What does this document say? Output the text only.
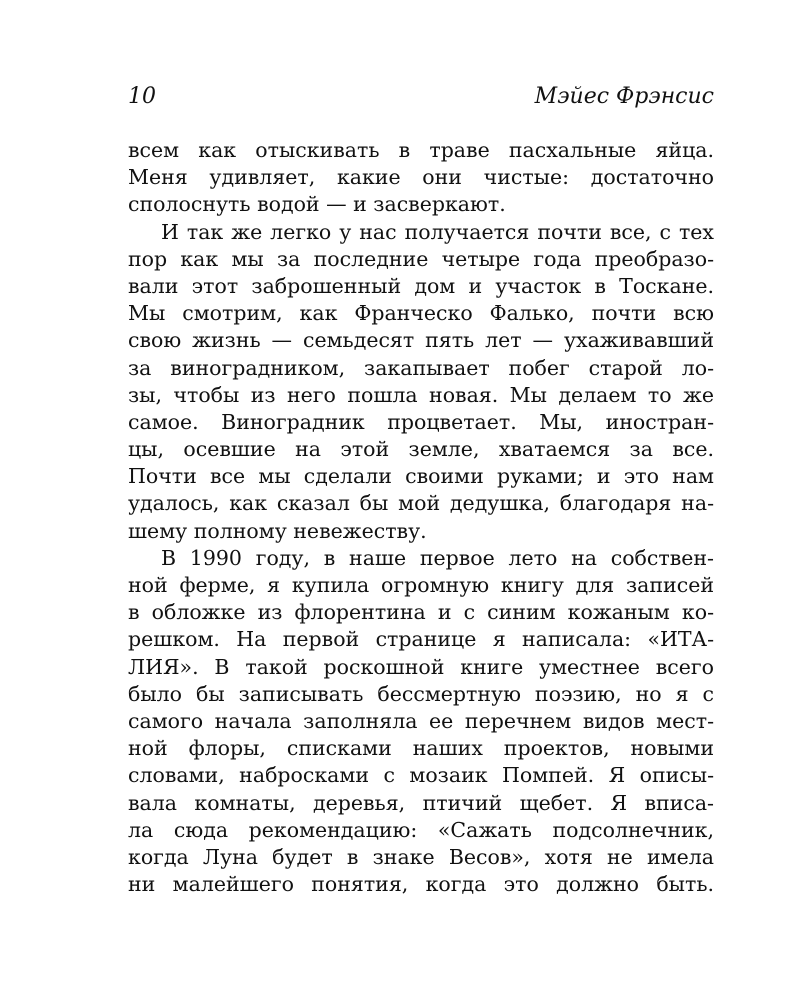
10	Мэйес Фрэнсис
всем как отыскивать в траве пасхальные яйца.
Меня удивляет, какие они чистые: достаточно
сполоснуть водой — и засверкают.
И так же легко у нас получается почти все, с тех
пор как мы за последние четыре года преобразо-
вали этот заброшенный дом и участок в Тоскане.
Мы смотрим, как Франческо Фалько, почти всю
свою жизнь — семьдесят пять лет — ухаживавший
за виноградником, закапывает побег старой ло-
зы, чтобы из него пошла новая. Мы делаем то же
самое. Виноградник процветает. Мы, иностран-
цы, осевшие на этой земле, хватаемся за все.
Почти все мы сделали своими руками; и это нам
удалось, как сказал бы мой дедушка, благодаря на-
шему полному невежеству.
В 1990 году, в наше первое лето на собствен-
ной ферме, я купила огромную книгу для записей
в обложке из флорентина и с синим кожаным ко-
решком. На первой странице я написала: «ИТА-
ЛИЯ». В такой роскошной книге уместнее всего
было бы записывать бессмертную поэзию, но я с
самого начала заполняла ее перечнем видов мест-
ной флоры, списками наших проектов, новыми
словами, набросками с мозаик Помпей. Я описы-
вала комнаты, деревья, птичий щебет. Я вписа-
ла сюда рекомендацию: «Сажать подсолнечник,
когда Луна будет в знаке Весов», хотя не имела
ни малейшего понятия, когда это должно быть.
